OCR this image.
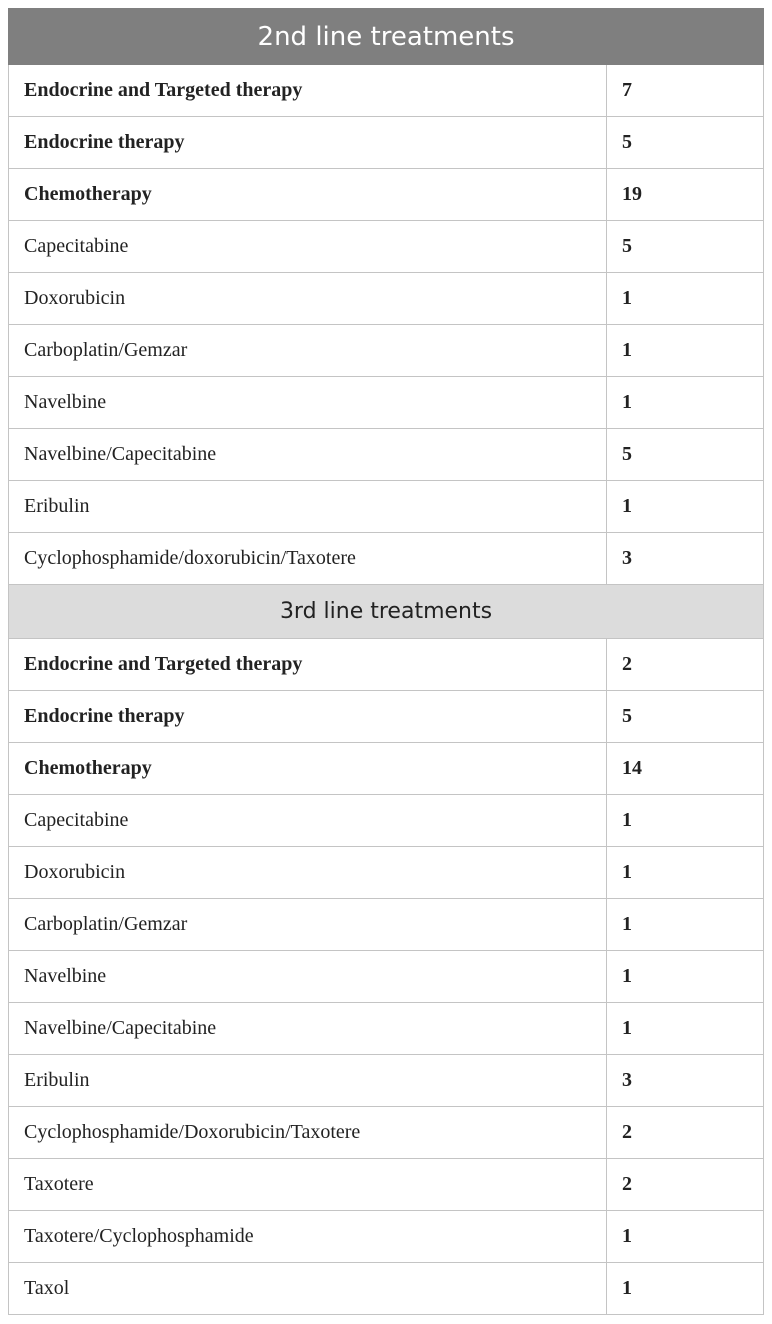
2nd line treatments	
Endocrine and Targeted therapy	7
Endocrine therapy	5
Chemotherapy	19
Capecitabine	5
Doxorubicin	1
Carboplatin/Gemzar	1
Navelbine	1
Navelbine/Capecitabine	5
Eribulin	1
Cyclophosphamide/doxorubicin/Taxotere	3
3rd line treatments	
Endocrine and Targeted therapy	2
Endocrine therapy	5
Chemotherapy	14
Capecitabine	1
Doxorubicin	1
Carboplatin/Gemzar	1
Navelbine	1
Navelbine/Capecitabine	1
Eribulin	3
Cyclophosphamide/Doxorubicin/Taxotere	2
Taxotere	2
Taxotere/Cyclophosphamide	1
Taxol	1
